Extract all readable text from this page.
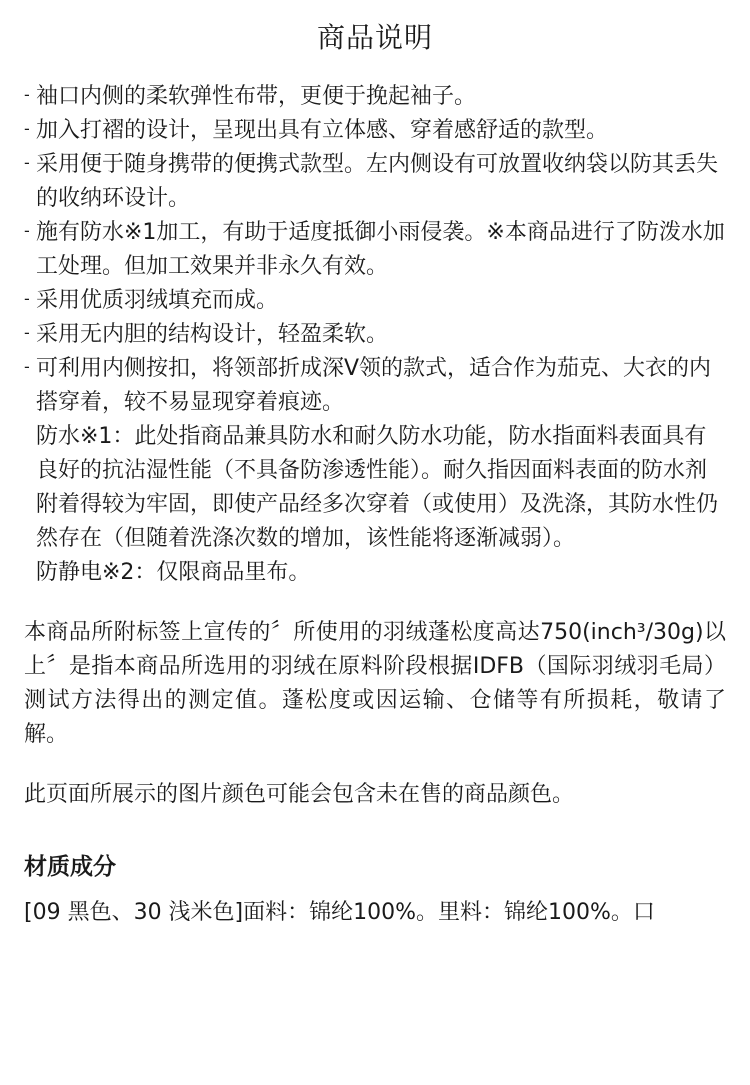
商品说明
- 袖口内侧的柔软弹性布带，更便于挽起袖子。
- 加入打褶的设计，呈现出具有立体感、穿着感舒适的款型。
- 采用便于随身携带的便携式款型。左内侧设有可放置收纳袋以防其丢失的收纳环设计。
- 施有防水※1加工，有助于适度抵御小雨侵袭。※本商品进行了防泼水加工处理。但加工效果并非永久有效。
- 采用优质羽绒填充而成。
- 采用无内胆的结构设计，轻盈柔软。
- 可利用内侧按扣，将领部折成深V领的款式，适合作为茄克、大衣的内搭穿着，较不易显现穿着痕迹。

防水※1：此处指商品兼具防水和耐久防水功能，防水指面料表面具有良好的抗沾湿性能（不具备防渗透性能）。耐久指因面料表面的防水剂附着得较为牢固，即使产品经多次穿着（或使用）及洗涤，其防水性仍然存在（但随着洗涤次数的增加，该性能将逐渐减弱）。

防静电※2：仅限商品里布。

本商品所附标签上宣传的〞所使用的羽绒蓬松度高达750(inch³/30g)以上〞是指本商品所选用的羽绒在原料阶段根据IDFB（国际羽绒羽毛局）测试方法得出的测定值。蓬松度或因运输、仓储等有所损耗，敬请了解。

此页面所展示的图片颜色可能会包含未在售的商品颜色。

材质成分

[09 黑色、30 浅米色]面料：锦纶100%。里料：锦纶100%。口
